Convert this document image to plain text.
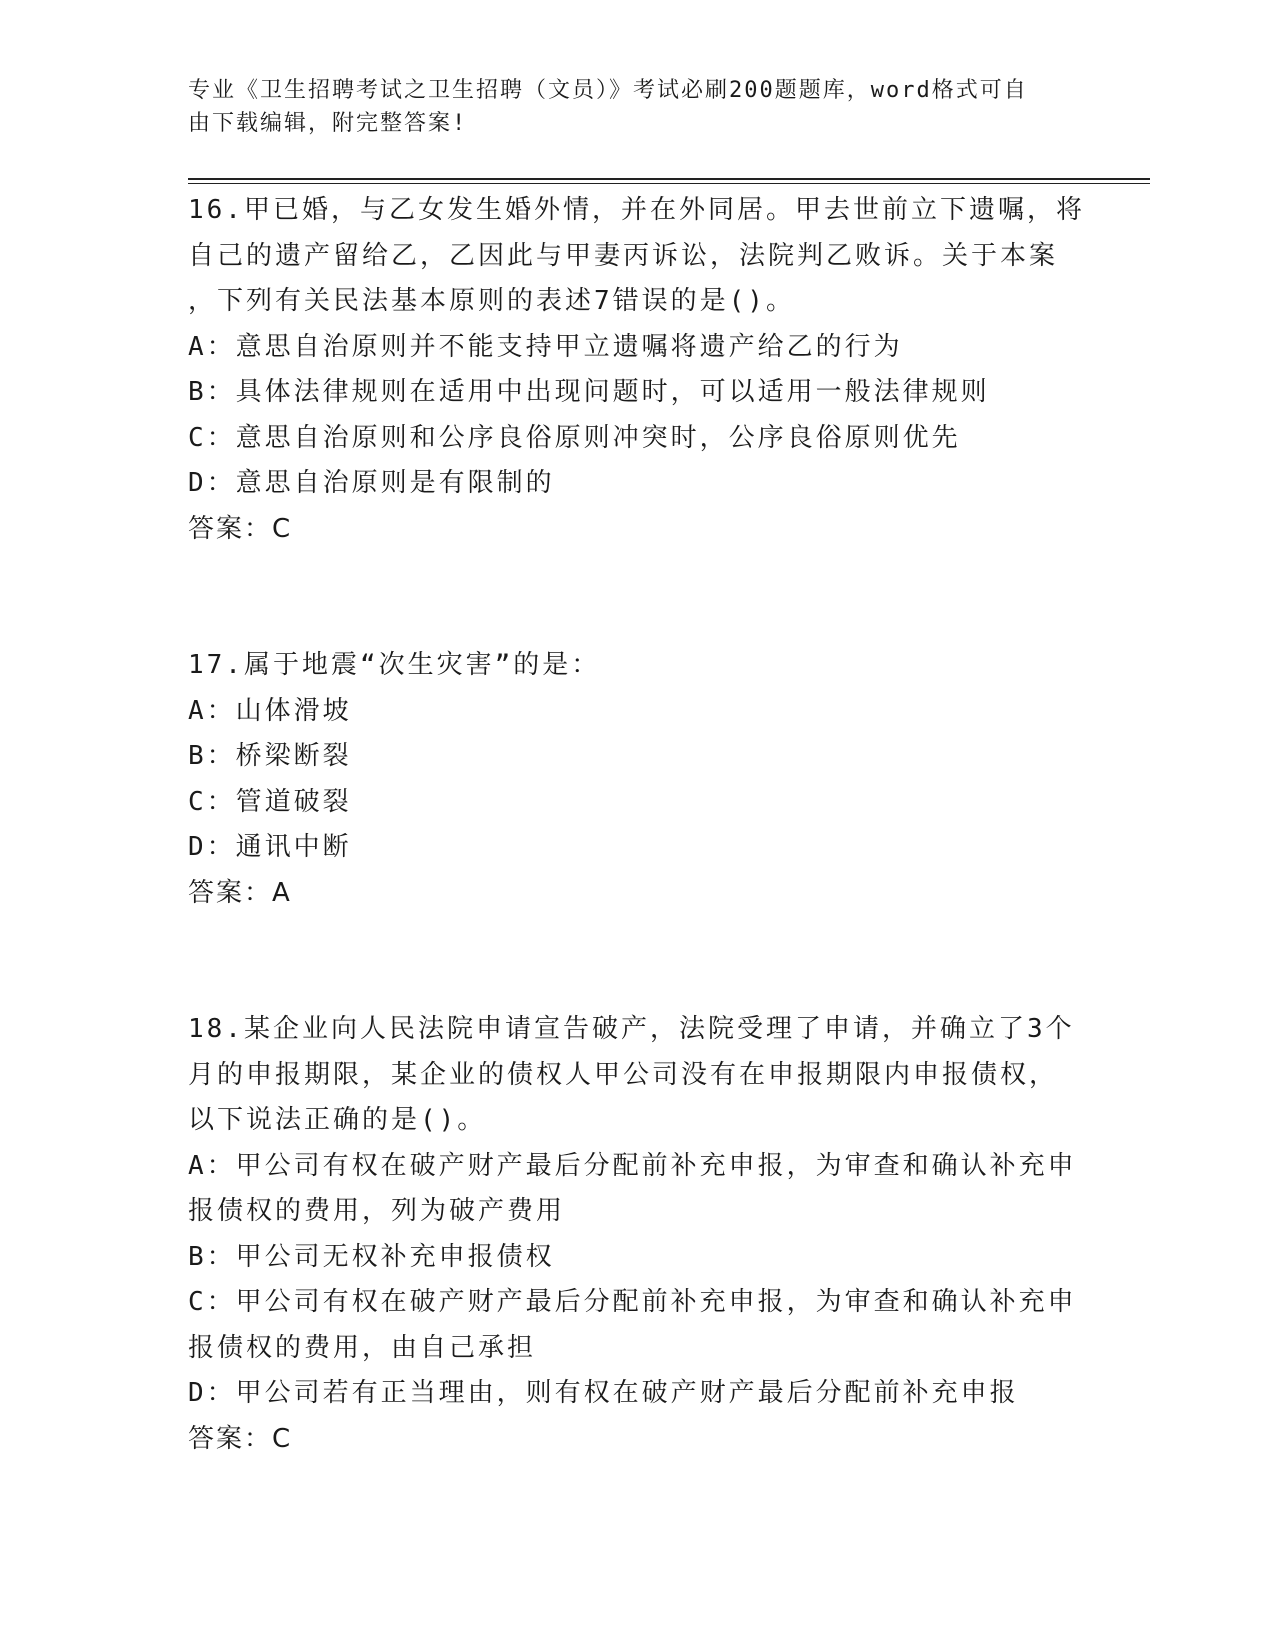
专业《卫生招聘考试之卫生招聘（文员）》考试必刷200题题库，word格式可自
由下载编辑，附完整答案!
16.甲已婚，与乙女发生婚外情，并在外同居。甲去世前立下遗嘱，将
自己的遗产留给乙，乙因此与甲妻丙诉讼，法院判乙败诉。关于本案
，下列有关民法基本原则的表述7错误的是()。
A：意思自治原则并不能支持甲立遗嘱将遗产给乙的行为
B：具体法律规则在适用中出现问题时，可以适用一般法律规则
C：意思自治原则和公序良俗原则冲突时，公序良俗原则优先
D：意思自治原则是有限制的
答案：C
17.属于地震“次生灾害”的是：
A：山体滑坡
B：桥梁断裂
C：管道破裂
D：通讯中断
答案：A
18.某企业向人民法院申请宣告破产，法院受理了申请，并确立了3个
月的申报期限，某企业的债权人甲公司没有在申报期限内申报债权，
以下说法正确的是()。
A：甲公司有权在破产财产最后分配前补充申报，为审查和确认补充申
报债权的费用，列为破产费用
B：甲公司无权补充申报债权
C：甲公司有权在破产财产最后分配前补充申报，为审查和确认补充申
报债权的费用，由自己承担
D：甲公司若有正当理由，则有权在破产财产最后分配前补充申报
答案：C
